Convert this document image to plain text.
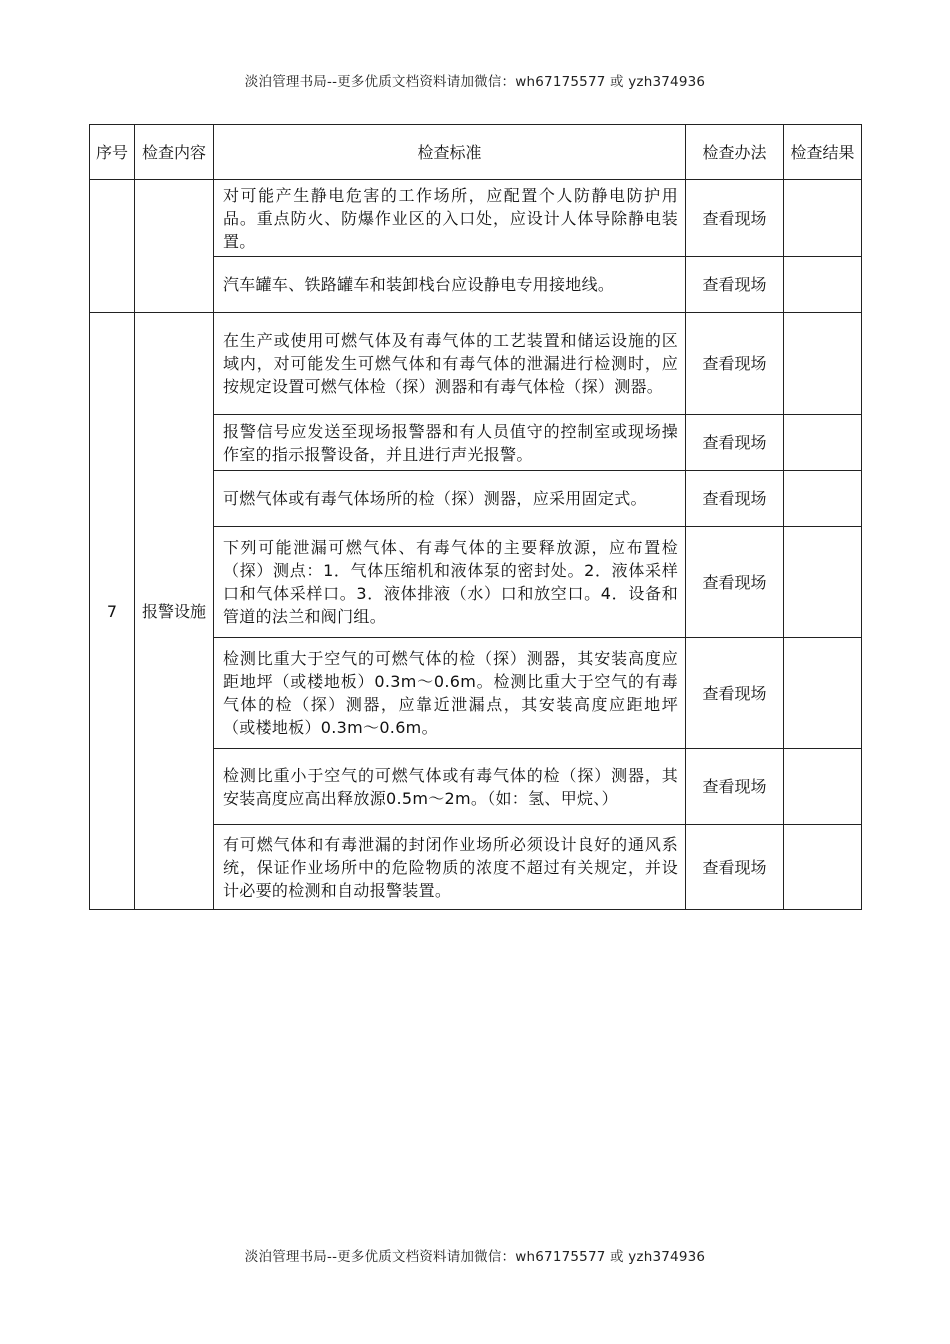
淡泊管理书局--更多优质文档资料请加微信：wh67175577 或 yzh374936
序号	检查内容	检查标准	检查办法	检查结果
		对可能产生静电危害的工作场所，应配置个人防静电防护用品。重点防火、防爆作业区的入口处，应设计人体导除静电装置。	查看现场	
		汽车罐车、铁路罐车和装卸栈台应设静电专用接地线。	查看现场	
7	报警设施	在生产或使用可燃气体及有毒气体的工艺装置和储运设施的区域内，对可能发生可燃气体和有毒气体的泄漏进行检测时，应按规定设置可燃气体检（探）测器和有毒气体检（探）测器。	查看现场	
		报警信号应发送至现场报警器和有人员值守的控制室或现场操作室的指示报警设备，并且进行声光报警。	查看现场	
		可燃气体或有毒气体场所的检（探）测器，应采用固定式。	查看现场	
		下列可能泄漏可燃气体、有毒气体的主要释放源，应布置检（探）测点：1．气体压缩机和液体泵的密封处。2．液体采样口和气体采样口。3．液体排液（水）口和放空口。4．设备和管道的法兰和阀门组。	查看现场	
		检测比重大于空气的可燃气体的检（探）测器，其安装高度应距地坪（或楼地板）0.3m～0.6m。检测比重大于空气的有毒气体的检（探）测器，应靠近泄漏点，其安装高度应距地坪（或楼地板）0.3m～0.6m。	查看现场	
		检测比重小于空气的可燃气体或有毒气体的检（探）测器，其安装高度应高出释放源0.5m～2m。（如：氢、甲烷、）	查看现场	
		有可燃气体和有毒泄漏的封闭作业场所必须设计良好的通风系统，保证作业场所中的危险物质的浓度不超过有关规定，并设计必要的检测和自动报警装置。	查看现场	
淡泊管理书局--更多优质文档资料请加微信：wh67175577 或 yzh374936
